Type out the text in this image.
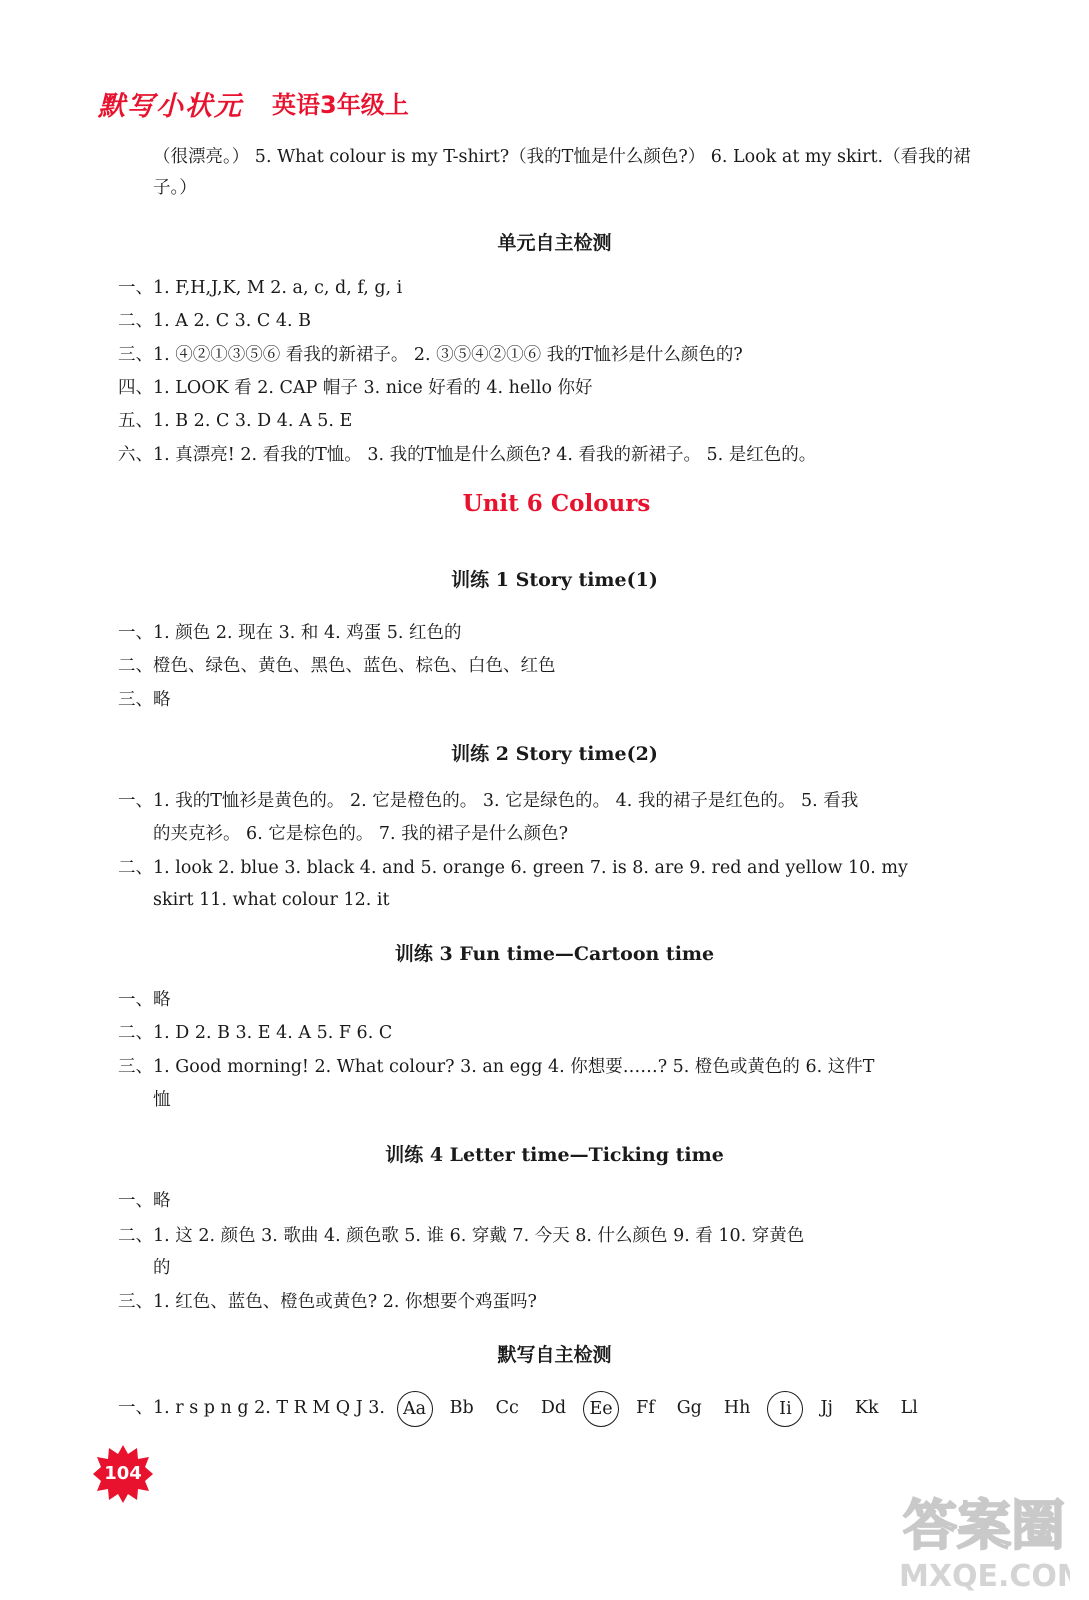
默写小状元 英语3年级上
（很漂亮。） 5. What colour is my T-shirt?（我的T恤是什么颜色?） 6. Look at my skirt.（看我的裙
子。）
单元自主检测
一、1. F,H,J,K, M 2. a, c, d, f, g, i
二、1. A 2. C 3. C 4. B
三、1. ④②①③⑤⑥ 看我的新裙子。 2. ③⑤④②①⑥ 我的T恤衫是什么颜色的?
四、1. LOOK 看 2. CAP 帽子 3. nice 好看的 4. hello 你好
五、1. B 2. C 3. D 4. A 5. E
六、1. 真漂亮! 2. 看我的T恤。 3. 我的T恤是什么颜色? 4. 看我的新裙子。 5. 是红色的。
Unit 6 Colours
训练 1 Story time(1)
一、1. 颜色 2. 现在 3. 和 4. 鸡蛋 5. 红色的
二、橙色、绿色、黄色、黑色、蓝色、棕色、白色、红色
三、略
训练 2 Story time(2)
一、1. 我的T恤衫是黄色的。 2. 它是橙色的。 3. 它是绿色的。 4. 我的裙子是红色的。 5. 看我
的夹克衫。 6. 它是棕色的。 7. 我的裙子是什么颜色?
二、1. look 2. blue 3. black 4. and 5. orange 6. green 7. is 8. are 9. red and yellow 10. my
skirt 11. what colour 12. it
训练 3 Fun time—Cartoon time
一、略
二、1. D 2. B 3. E 4. A 5. F 6. C
三、1. Good morning! 2. What colour? 3. an egg 4. 你想要……? 5. 橙色或黄色的 6. 这件T
恤
训练 4 Letter time—Ticking time
一、略
二、1. 这 2. 颜色 3. 歌曲 4. 颜色歌 5. 谁 6. 穿戴 7. 今天 8. 什么颜色 9. 看 10. 穿黄色
的
三、1. 红色、蓝色、橙色或黄色? 2. 你想要个鸡蛋吗?
默写自主检测
一、1. r s p n g 2. T R M Q J 3. Aa Bb Cc Dd Ee Ff Gg Hh Ii Jj Kk Ll
104
答案圈
MXQE.COM
